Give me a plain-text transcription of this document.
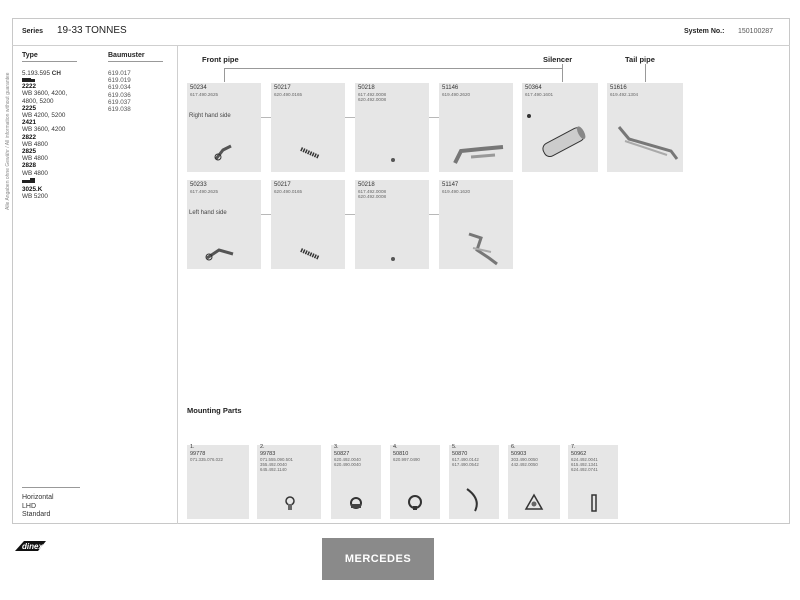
Series 19-33 TONNES	System No.: 150100287
Alle Angaben ohne Gewähr / All information without guarantee
Type	Baumuster
5.193.595 CH
2222
WB 3600, 4200,
4800, 5200
2225
WB 4200, 5200
2421
WB 3600, 4200
2822
WB 4800
2825
WB 4800
2828
WB 4800
3025.K
WB 5200
619.017
619.019
619.034
619.036
619.037
619.038
Horizontal
LHD
Standard
Front pipe	Silencer	Tail pipe
50234
617.490.2625
Right hand side
50217
620.490.0165
50218
617.492.0008
620.492.0008
51146
619.490.2620
50364
617.490.1601
51616
619.492.1304
50233
617.490.2625
Left hand side
50217
620.490.0165
50218
617.492.0008
620.492.0008
51147
619.490.1620
Mounting Parts
1.
99778
071.335.076.022
2.
99783
071.555.090.501
355.492.0040
645.492.1140
3.
50827
620.492.0040
620.490.0040
4.
50810
620.997.0490
5.
50870
617.490.0142
617.490.0542
6.
50903
303.490.0050
442.492.0050
7.
50962
624.492.0041
615.492.1341
624.492.0741
dinex
MERCEDES
